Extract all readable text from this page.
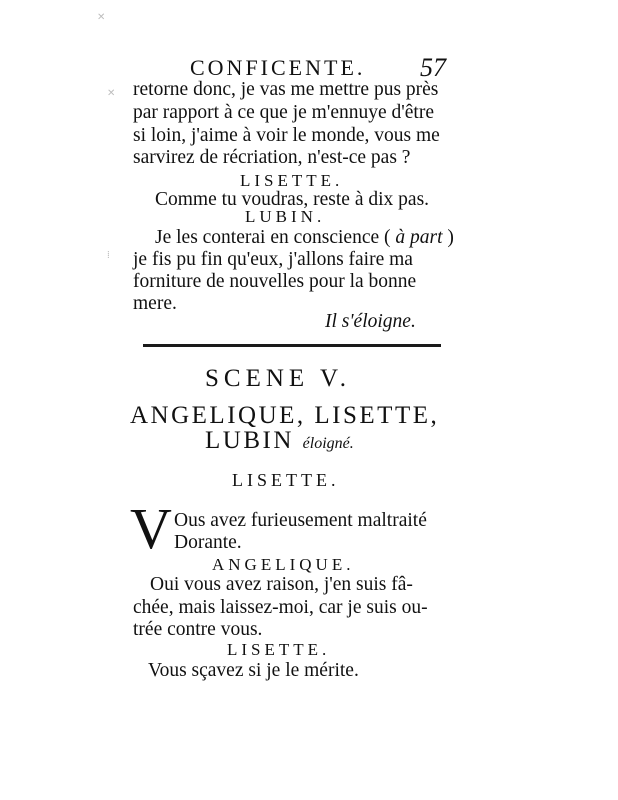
CONFICENTE. 57

✕
✕
⁞

retorne donc, je vas me mettre pus près

par rapport à ce que je m'ennuye d'être

si loin, j'aime à voir le monde, vous me

sarvirez de récriation, n'est-ce pas ?

LISETTE.

Comme tu voudras, reste à dix pas.

LUBIN.

Je les conterai en conscience ( à part )

je fis pu fin qu'eux, j'allons faire ma

forniture de nouvelles pour la bonne

mere.

Il s'éloigne.

SCENE V.

ANGELIQUE, LISETTE,

LUBIN éloigné.

LISETTE.

V Ous avez furieusement maltraité

Dorante.

ANGELIQUE.

Oui vous avez raison, j'en suis fâ-

chée, mais laissez-moi, car je suis ou-

trée contre vous.

LISETTE.

Vous sçavez si je le mérite.
